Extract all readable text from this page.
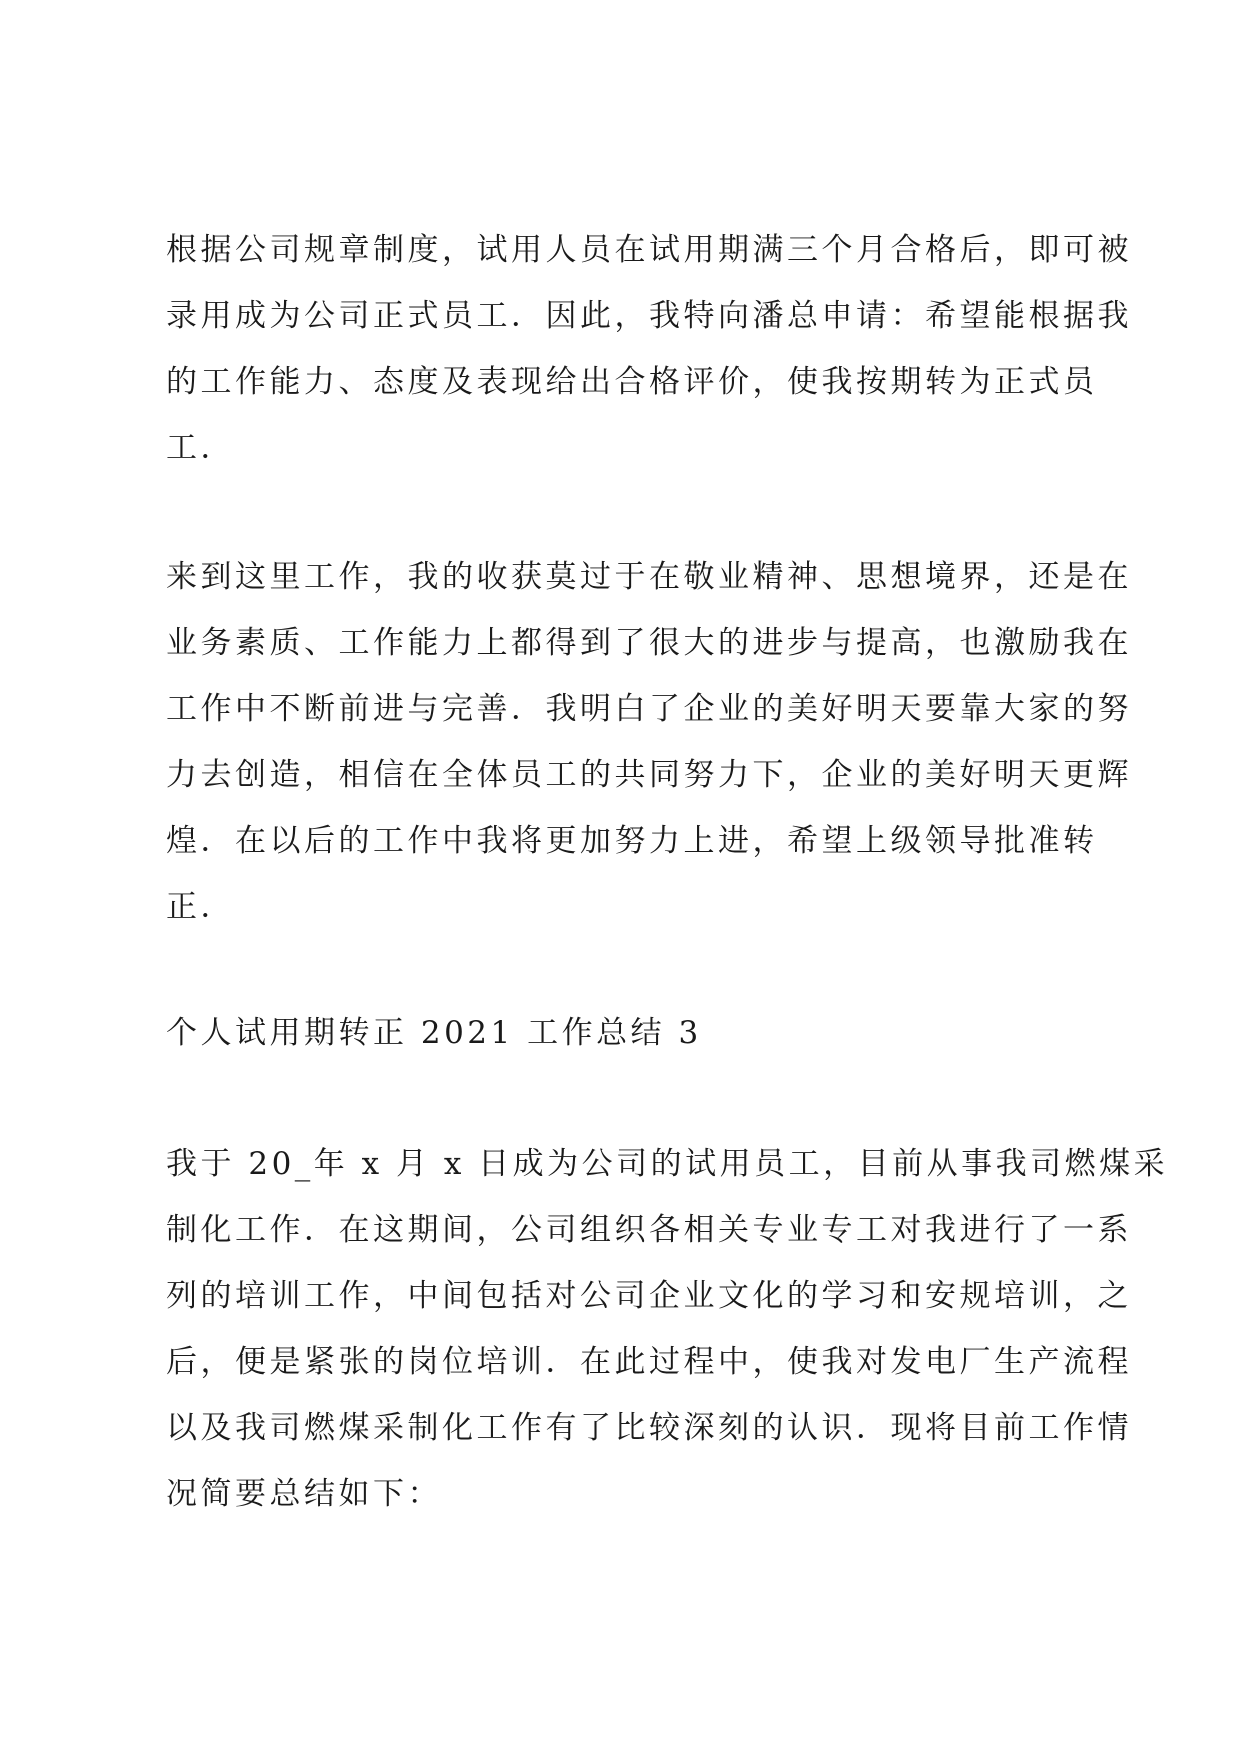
根据公司规章制度，试用人员在试用期满三个月合格后，即可被
录用成为公司正式员工．因此，我特向潘总申请：希望能根据我
的工作能力、态度及表现给出合格评价，使我按期转为正式员
工．

来到这里工作，我的收获莫过于在敬业精神、思想境界，还是在
业务素质、工作能力上都得到了很大的进步与提高，也激励我在
工作中不断前进与完善．我明白了企业的美好明天要靠大家的努
力去创造，相信在全体员工的共同努力下，企业的美好明天更辉
煌．在以后的工作中我将更加努力上进，希望上级领导批准转
正．

个人试用期转正 2021 工作总结 3

我于 20_年 x 月 x 日成为公司的试用员工，目前从事我司燃煤采
制化工作．在这期间，公司组织各相关专业专工对我进行了一系
列的培训工作，中间包括对公司企业文化的学习和安规培训，之
后，便是紧张的岗位培训．在此过程中，使我对发电厂生产流程
以及我司燃煤采制化工作有了比较深刻的认识．现将目前工作情
况简要总结如下：
